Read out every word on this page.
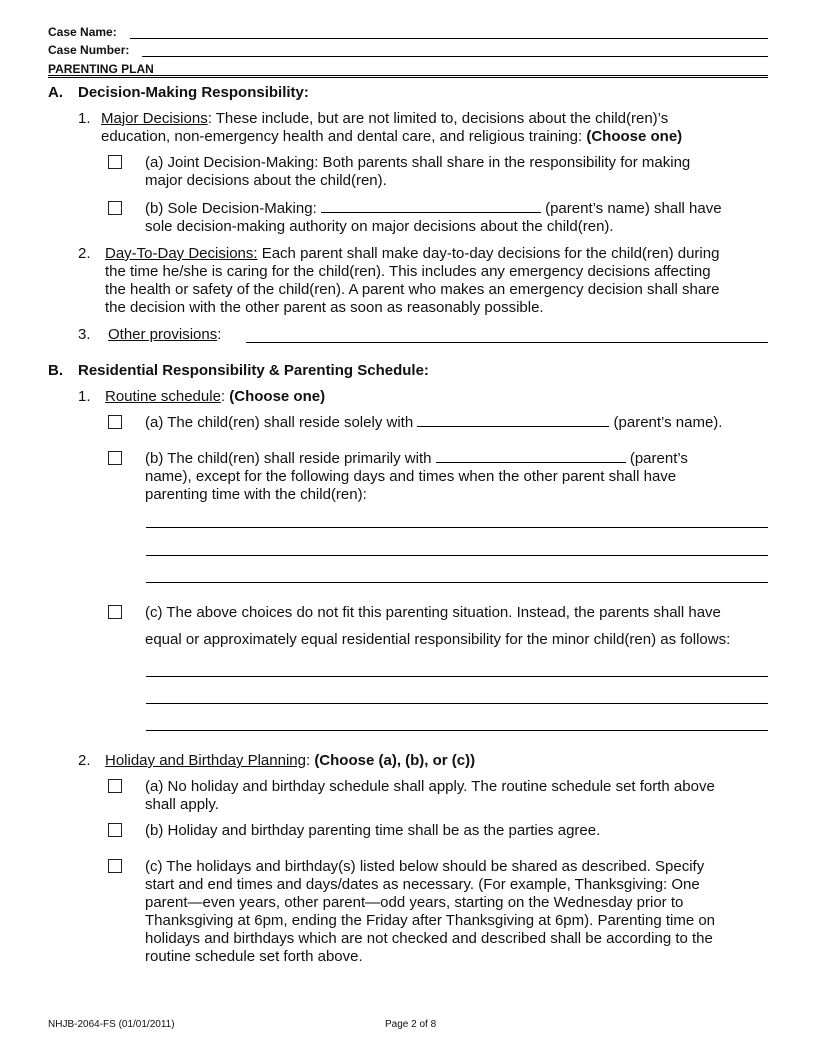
Case Name:
Case Number:
PARENTING PLAN
A. Decision-Making Responsibility:
1. Major Decisions: These include, but are not limited to, decisions about the child(ren)’s
education, non-emergency health and dental care, and religious training: (Choose one)
(a) Joint Decision-Making: Both parents shall share in the responsibility for making
major decisions about the child(ren).
(b) Sole Decision-Making:	(parent’s name) shall have
sole decision-making authority on major decisions about the child(ren).
2. Day-To-Day Decisions: Each parent shall make day-to-day decisions for the child(ren) during
the time he/she is caring for the child(ren). This includes any emergency decisions affecting
the health or safety of the child(ren). A parent who makes an emergency decision shall share
the decision with the other parent as soon as reasonably possible.
3. Other provisions:
B. Residential Responsibility & Parenting Schedule:
1. Routine schedule: (Choose one)
(a) The child(ren) shall reside solely with	(parent’s name).
(b) The child(ren) shall reside primarily with	(parent’s
name), except for the following days and times when the other parent shall have
parenting time with the child(ren):
(c) The above choices do not fit this parenting situation. Instead, the parents shall have
equal or approximately equal residential responsibility for the minor child(ren) as follows:
2. Holiday and Birthday Planning: (Choose (a), (b), or (c))
(a) No holiday and birthday schedule shall apply. The routine schedule set forth above
shall apply.
(b) Holiday and birthday parenting time shall be as the parties agree.
(c) The holidays and birthday(s) listed below should be shared as described. Specify
start and end times and days/dates as necessary. (For example, Thanksgiving: One
parent—even years, other parent—odd years, starting on the Wednesday prior to
Thanksgiving at 6pm, ending the Friday after Thanksgiving at 6pm). Parenting time on
holidays and birthdays which are not checked and described shall be according to the
routine schedule set forth above.
NHJB-2064-FS (01/01/2011)	Page 2 of 8
